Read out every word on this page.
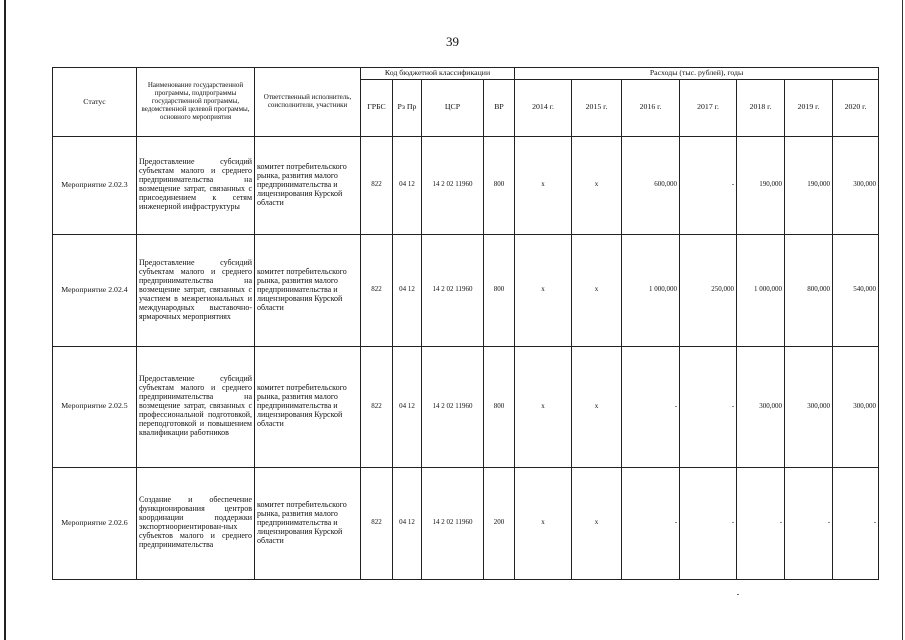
39
Статус	Наименование государственной программы, подпрограммы государственной программы, ведомственной целевой программы, основного мероприятия	Ответственный исполнитель, соисполнители, участники	Код бюджетной классификации				Расходы (тыс. рублей), годы						
			ГРБС	Рз Пр	ЦСР	ВР	2014 г.	2015 г.	2016 г.	2017 г.	2018 г.	2019 г.	2020 г.
Мероприятие 2.02.3	Предоставление субсидий субъектам малого и среднего предпринимательства на возмещение затрат, связанных с присоединением к сетям инженерной инфраструктуры	комитет потребительского рынка, развития малого предпринимательства и лицензирования Курской области	822	04 12	14 2 02 11960	800	х	х	600,000	-	190,000	190,000	300,000
Мероприятие 2.02.4	Предоставление субсидий субъектам малого и среднего предпринимательства на возмещение затрат, связанных с участием в межрегиональных и международных выставочно-ярмарочных мероприятиях	комитет потребительского рынка, развития малого предпринимательства и лицензирования Курской области	822	04 12	14 2 02 11960	800	х	х	1 000,000	250,000	1 000,000	800,000	540,000
Мероприятие 2.02.5	Предоставление субсидий субъектам малого и среднего предпринимательства на возмещение затрат, связанных с профессиональной подготовкой, переподготовкой и повышением квалификации работников	комитет потребительского рынка, развития малого предпринимательства и лицензирования Курской области	822	04 12	14 2 02 11960	800	х	х	-	-	300,000	300,000	300,000
Мероприятие 2.02.6	Создание и обеспечение функционирования центров координации поддержки экспортноориентирован-ных субъектов малого и среднего предпринимательства	комитет потребительского рынка, развития малого предпринимательства и лицензирования Курской области	822	04 12	14 2 02 11960	200	х	х	-	-	-	-	-
